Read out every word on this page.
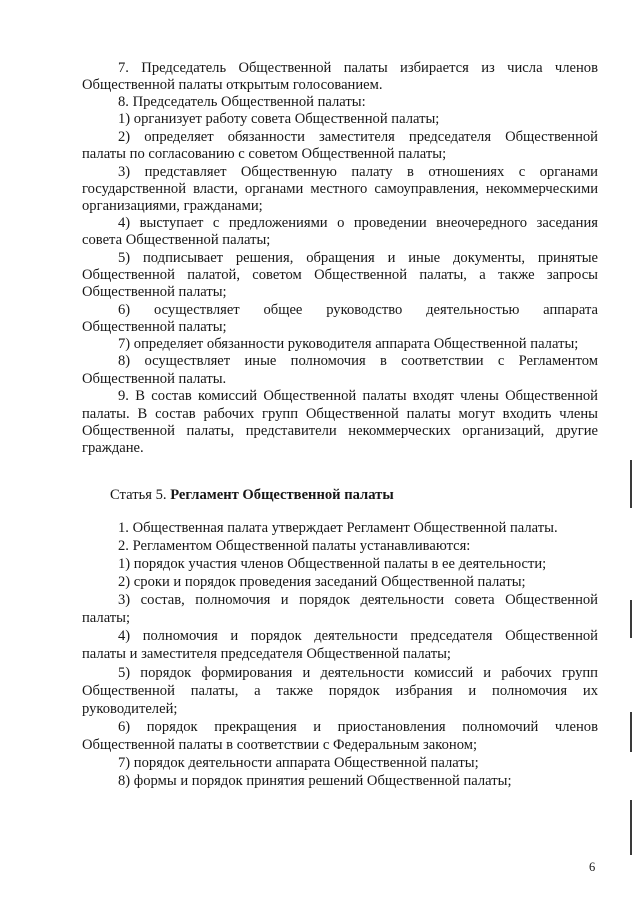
7. Председатель Общественной палаты избирается из числа членов
Общественной палаты открытым голосованием.
8. Председатель Общественной палаты:
1) организует работу совета Общественной палаты;
2) определяет обязанности заместителя председателя Общественной
палаты по согласованию с советом Общественной палаты;
3) представляет Общественную палату в отношениях с органами
государственной власти, органами местного самоуправления, некоммерческими
организациями, гражданами;
4) выступает с предложениями о проведении внеочередного заседания
совета Общественной палаты;
5) подписывает решения, обращения и иные документы, принятые
Общественной палатой, советом Общественной палаты, а также запросы
Общественной палаты;
6) осуществляет общее руководство деятельностью аппарата
Общественной палаты;
7) определяет обязанности руководителя аппарата Общественной палаты;
8) осуществляет иные полномочия в соответствии с Регламентом
Общественной палаты.
9. В состав комиссий Общественной палаты входят члены Общественной
палаты. В состав рабочих групп Общественной палаты могут входить члены
Общественной палаты, представители некоммерческих организаций, другие
граждане.
Статья 5. Регламент Общественной палаты
1. Общественная палата утверждает Регламент Общественной палаты.
2. Регламентом Общественной палаты устанавливаются:
1) порядок участия членов Общественной палаты в ее деятельности;
2) сроки и порядок проведения заседаний Общественной палаты;
3) состав, полномочия и порядок деятельности совета Общественной
палаты;
4) полномочия и порядок деятельности председателя Общественной
палаты и заместителя председателя Общественной палаты;
5) порядок формирования и деятельности комиссий и рабочих групп
Общественной палаты, а также порядок избрания и полномочия их
руководителей;
6) порядок прекращения и приостановления полномочий членов
Общественной палаты в соответствии с Федеральным законом;
7) порядок деятельности аппарата Общественной палаты;
8) формы и порядок принятия решений Общественной палаты;
6
